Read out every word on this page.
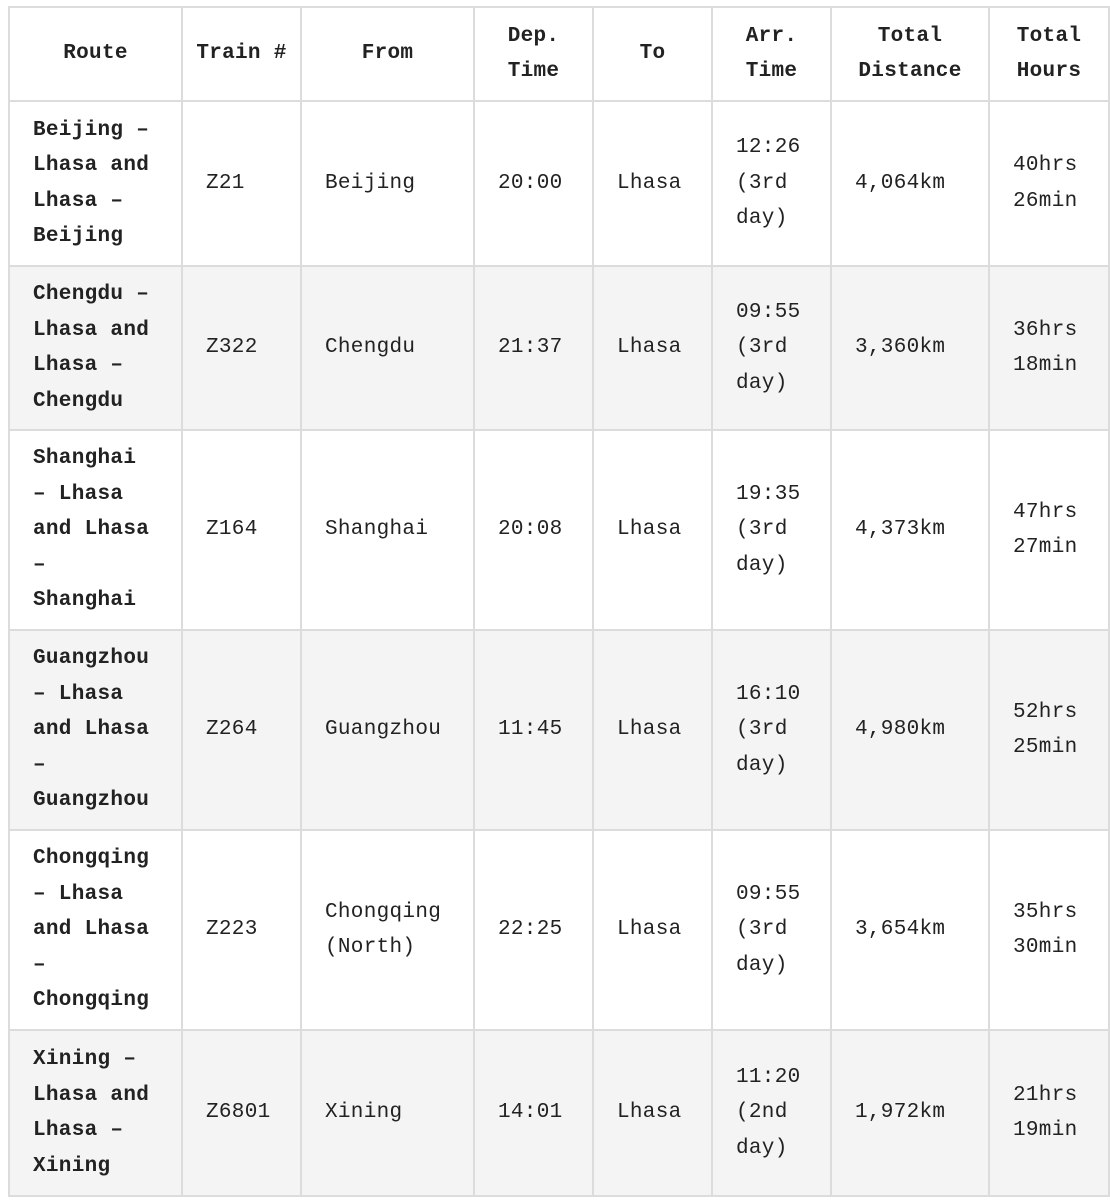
Route	Train #	From	Dep. Time	To	Arr. Time	Total Distance	Total Hours
Beijing – Lhasa and Lhasa – Beijing	Z21	Beijing	20:00	Lhasa	12:26 (3rd day)	4,064km	40hrs 26min
Chengdu – Lhasa and Lhasa – Chengdu	Z322	Chengdu	21:37	Lhasa	09:55 (3rd day)	3,360km	36hrs 18min
Shanghai – Lhasa and Lhasa – Shanghai	Z164	Shanghai	20:08	Lhasa	19:35 (3rd day)	4,373km	47hrs 27min
Guangzhou – Lhasa and Lhasa – Guangzhou	Z264	Guangzhou	11:45	Lhasa	16:10 (3rd day)	4,980km	52hrs 25min
Chongqing – Lhasa and Lhasa – Chongqing	Z223	Chongqing (North)	22:25	Lhasa	09:55 (3rd day)	3,654km	35hrs 30min
Xining – Lhasa and Lhasa – Xining	Z6801	Xining	14:01	Lhasa	11:20 (2nd day)	1,972km	21hrs 19min
